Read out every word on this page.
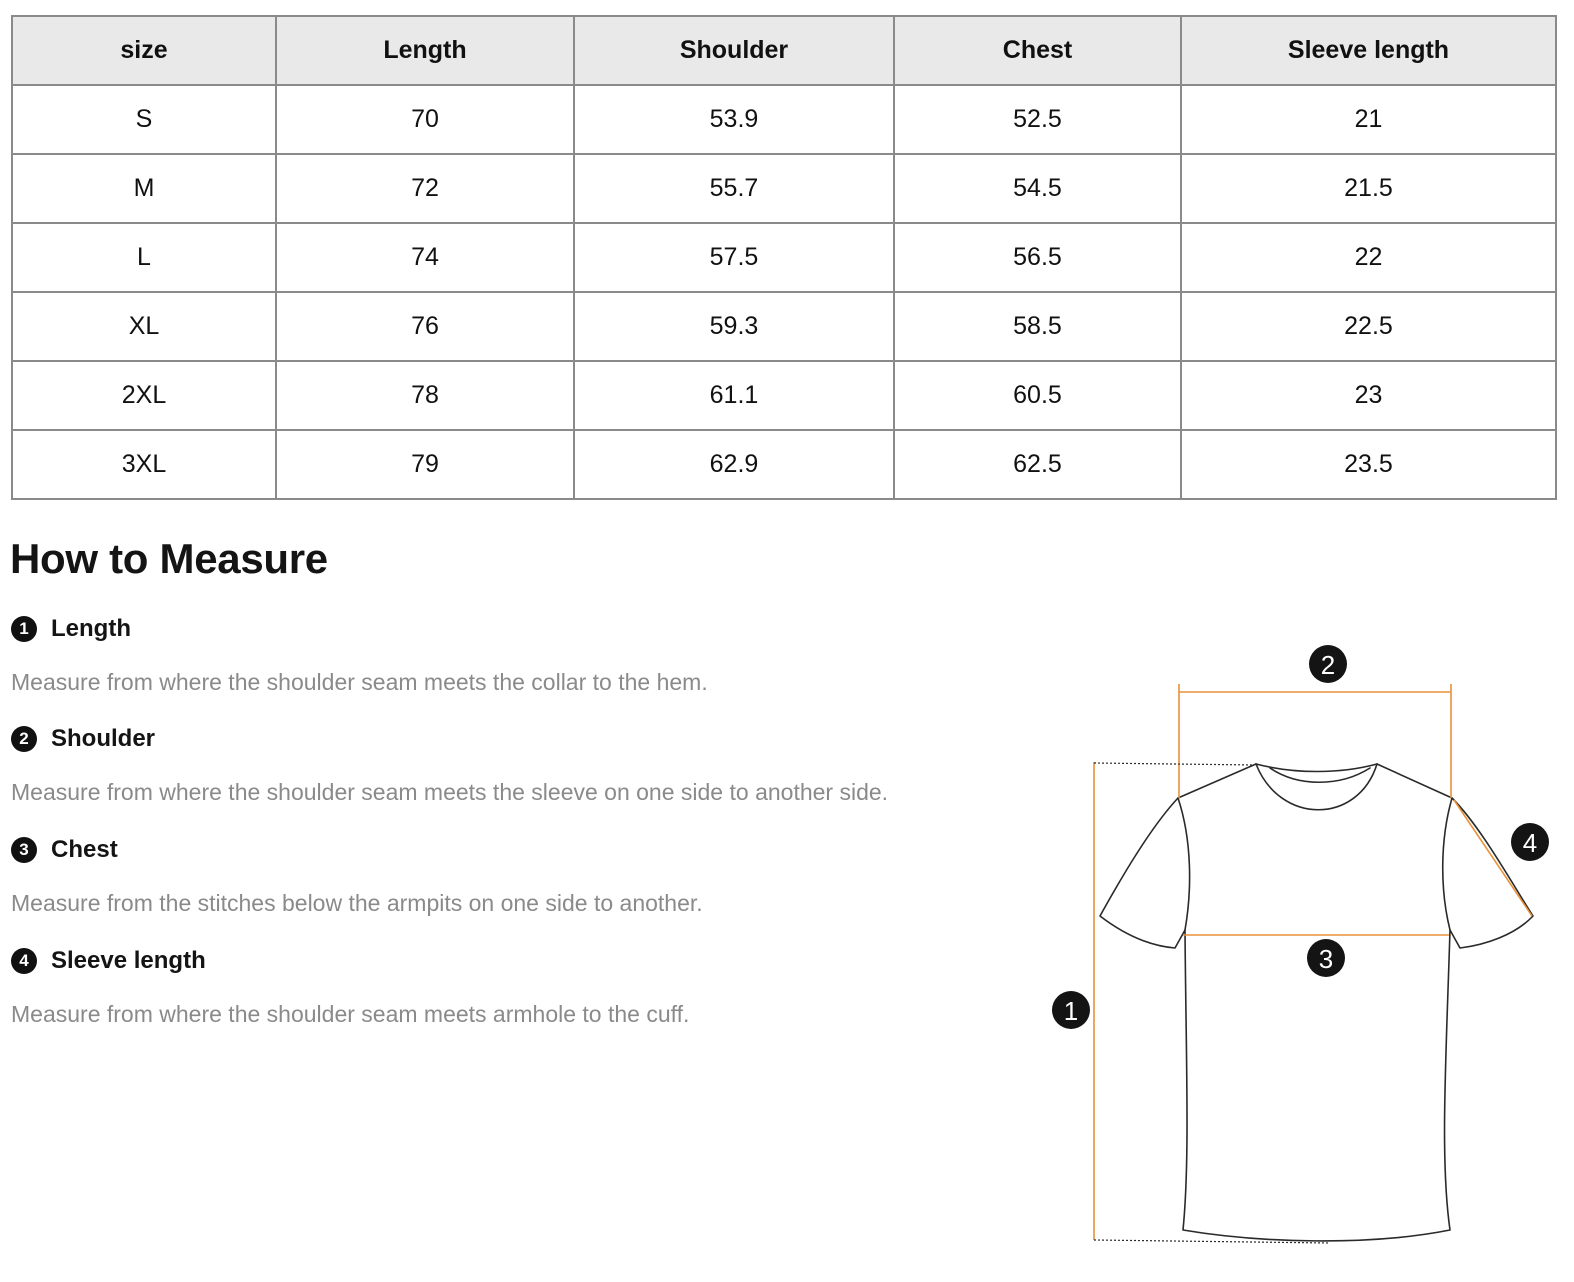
size	Length	Shoulder	Chest	Sleeve length
S	70	53.9	52.5	21
M	72	55.7	54.5	21.5
L	74	57.5	56.5	22
XL	76	59.3	58.5	22.5
2XL	78	61.1	60.5	23
3XL	79	62.9	62.5	23.5
How to Measure
1 Length
Measure from where the shoulder seam meets the collar to the hem.
2 Shoulder
Measure from where the shoulder seam meets the sleeve on one side to another side.
3 Chest
Measure from the stitches below the armpits on one side to another.
4 Sleeve length
Measure from where the shoulder seam meets armhole to the cuff.	1
2
3
4
